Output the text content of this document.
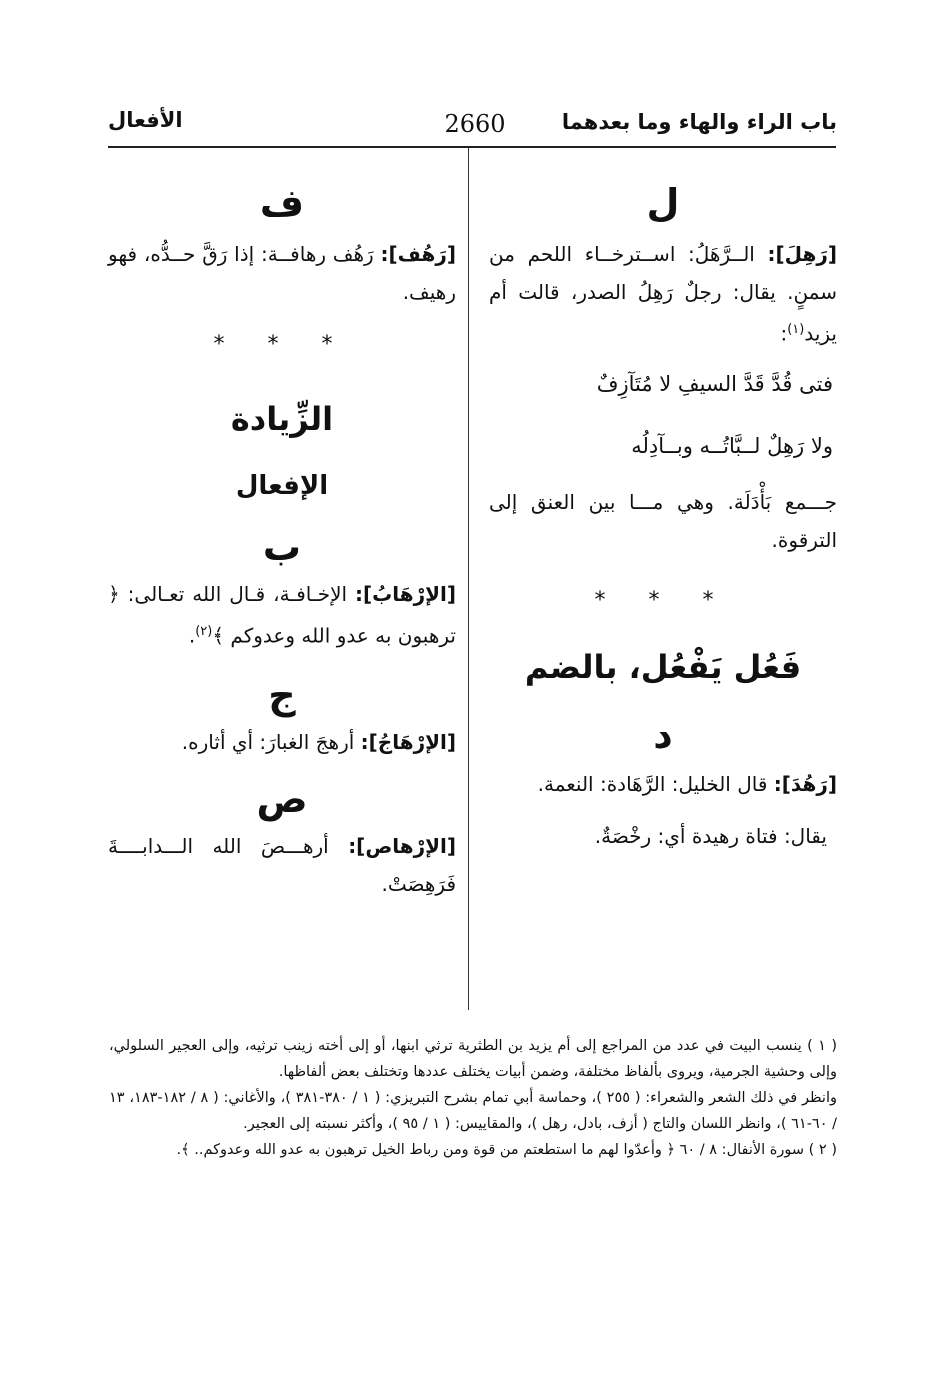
باب الراء والهاء وما بعدهما
2660
الأفعال
ل

[رَهِلَ]: الــرَّهَلُ: اســترخــاء اللحم من سمنٍ. يقال: رجلٌ رَهِلُ الصدر، قالت أم يزيد$^{(١)}$:

فتى قُدَّ قَدَّ السيفِ لا مُتَآزِفٌ
ولا رَهِلٌ لــبَّاتُــه وبــآدِلُه

جـــمع بَأْدَلَة. وهي مـــا بين العنق إلى الترقوة.

* * *
فَعُل يَفْعُل، بالضم
د

[رَهُدَ]: قال الخليل: الرَّهَادة: النعمة.

يقال: فتاة رهيدة أي: رخْصَةٌ.

ف

[رَهُف]: رَهُف رهافــة: إذا رَقَّ حــدُّه، فهو رهيف.

* * *
الزِّيادة
الإفعال
ب

[الإرْهَابُ]: الإخـافـة، قـال الله تعـالى: ﴿ ترهبون به عدو الله وعدوكم ﴾$^{(٢)}$.

ج

[الإرْهَاجُ]: أرهجَ الغبارَ: أي أثاره.

ص

[الإرْهاص]: أرهـــصَ الله الـــدابــــةَ فَرَهِصَتْ.

( ١ ) ينسب البيت في عدد من المراجع إلى أم يزيد بن الطثرية ترثي ابنها، أو إلى أخته زينب ترثيه، وإلى العجير السلولي، وإلى وحشية الجرمية، ويروى بألفاظ مختلفة، وضمن أبيات يختلف عددها وتختلف بعض ألفاظها.

وانظر في ذلك الشعر والشعراء: ( ٢٥٥ )، وحماسة أبي تمام بشرح التبريزي: ( ١ / ٣٨٠-٣٨١ )، والأغاني: ( ٨ / ١٨٢-١٨٣، ١٣ / ٦٠-٦١ )، وانظر اللسان والتاج ( أزف، بادل، رهل )، والمقاييس: ( ١ / ٩٥ )، وأكثر نسبته إلى العجير.

( ٢ ) سورة الأنفال: ٨ / ٦٠ ﴿ وأعدّوا لهم ما استطعتم من قوة ومن رباط الخيل ترهبون به عدو الله وعدوكم.. ﴾.
